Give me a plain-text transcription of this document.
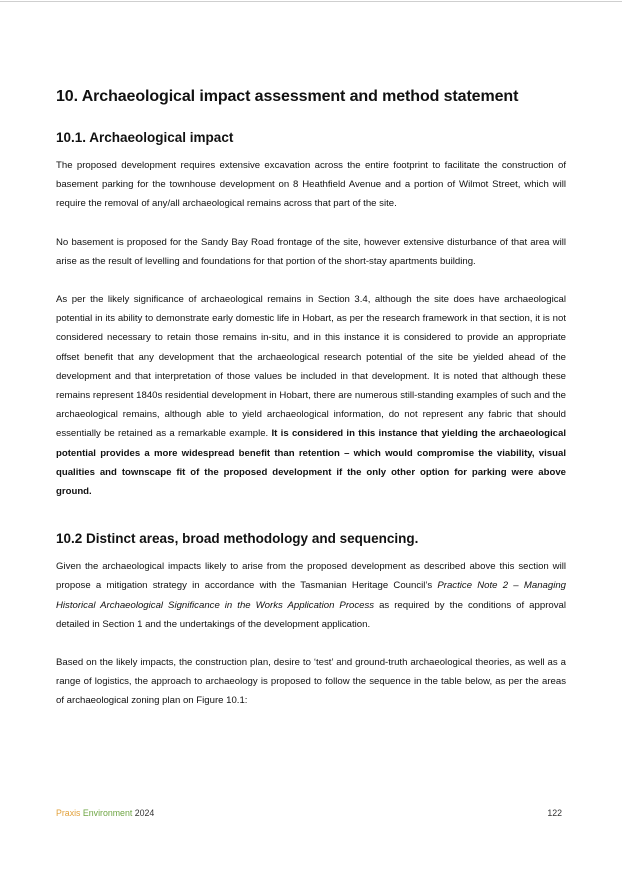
10. Archaeological impact assessment and method statement
10.1. Archaeological impact

The proposed development requires extensive excavation across the entire footprint to facilitate the construction of basement parking for the townhouse development on 8 Heathfield Avenue and a portion of Wilmot Street, which will require the removal of any/all archaeological remains across that part of the site.

No basement is proposed for the Sandy Bay Road frontage of the site, however extensive disturbance of that area will arise as the result of levelling and foundations for that portion of the short-stay apartments building.

As per the likely significance of archaeological remains in Section 3.4, although the site does have archaeological potential in its ability to demonstrate early domestic life in Hobart, as per the research framework in that section, it is not considered necessary to retain those remains in-situ, and in this instance it is considered to provide an appropriate offset benefit that any development that the archaeological research potential of the site be yielded ahead of the development and that interpretation of those values be included in that development. It is noted that although these remains represent 1840s residential development in Hobart, there are numerous still-standing examples of such and the archaeological remains, although able to yield archaeological information, do not represent any fabric that should essentially be retained as a remarkable example. It is considered in this instance that yielding the archaeological potential provides a more widespread benefit than retention – which would compromise the viability, visual qualities and townscape fit of the proposed development if the only other option for parking were above ground.

10.2 Distinct areas, broad methodology and sequencing.

Given the archaeological impacts likely to arise from the proposed development as described above this section will propose a mitigation strategy in accordance with the Tasmanian Heritage Council’s Practice Note 2 – Managing Historical Archaeological Significance in the Works Application Process as required by the conditions of approval detailed in Section 1 and the undertakings of the development application.

Based on the likely impacts, the construction plan, desire to ‘test’ and ground-truth archaeological theories, as well as a range of logistics, the approach to archaeology is proposed to follow the sequence in the table below, as per the areas of archaeological zoning plan on Figure 10.1:

Praxis Environment 2024	122
